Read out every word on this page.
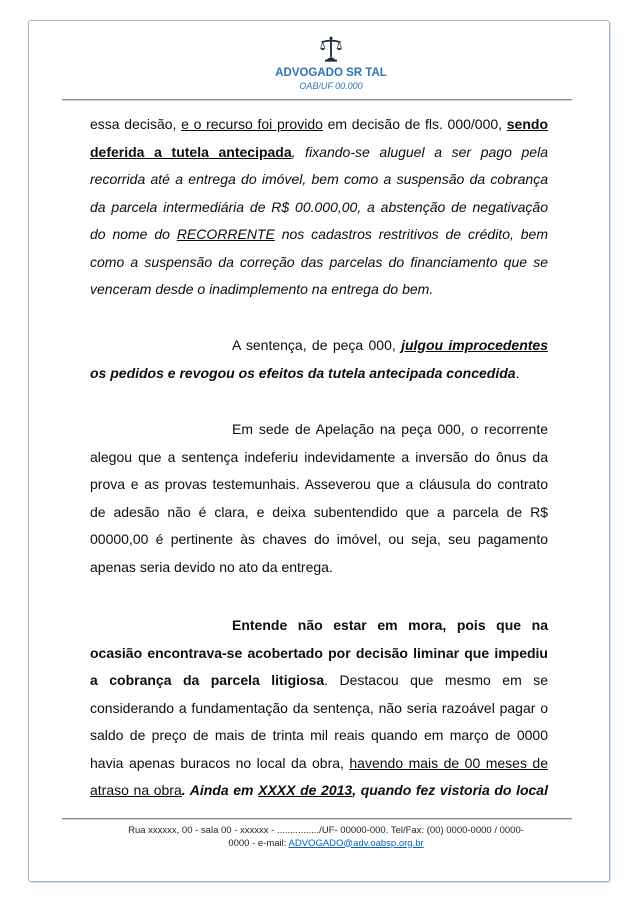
ADVOGADO SR TAL
OAB/UF 00.000
essa decisão, e o recurso foi provido em decisão de fls. 000/000, sendo
deferida a tutela antecipada, fixando-se aluguel a ser pago pela
recorrida até a entrega do imóvel, bem como a suspensão da cobrança
da parcela intermediária de R$ 00.000,00, a abstenção de negativação
do nome do RECORRENTE nos cadastros restritivos de crédito, bem
como a suspensão da correção das parcelas do financiamento que se
venceram desde o inadimplemento na entrega do bem.
A sentença, de peça 000, julgou improcedentes
os pedidos e revogou os efeitos da tutela antecipada concedida.
Em sede de Apelação na peça 000, o recorrente
alegou que a sentença indeferiu indevidamente a inversão do ônus da
prova e as provas testemunhais. Asseverou que a cláusula do contrato
de adesão não é clara, e deixa subentendido que a parcela de R$
00000,00 é pertinente às chaves do imóvel, ou seja, seu pagamento
apenas seria devido no ato da entrega.
Entende não estar em mora, pois que na
ocasião encontrava-se acobertado por decisão liminar que impediu
a cobrança da parcela litigiosa. Destacou que mesmo em se
considerando a fundamentação da sentença, não seria razoável pagar o
saldo de preço de mais de trinta mil reais quando em março de 0000
havia apenas buracos no local da obra, havendo mais de 00 meses de
atraso na obra. Ainda em XXXX de 2013, quando fez vistoria do local
Rua xxxxxx, 00 - sala 00 - xxxxxx - ................/UF- 00000-000. Tel/Fax: (00) 0000-0000 / 0000-
0000 - e-mail: ADVOGADO@adv.oabsp.org.br
